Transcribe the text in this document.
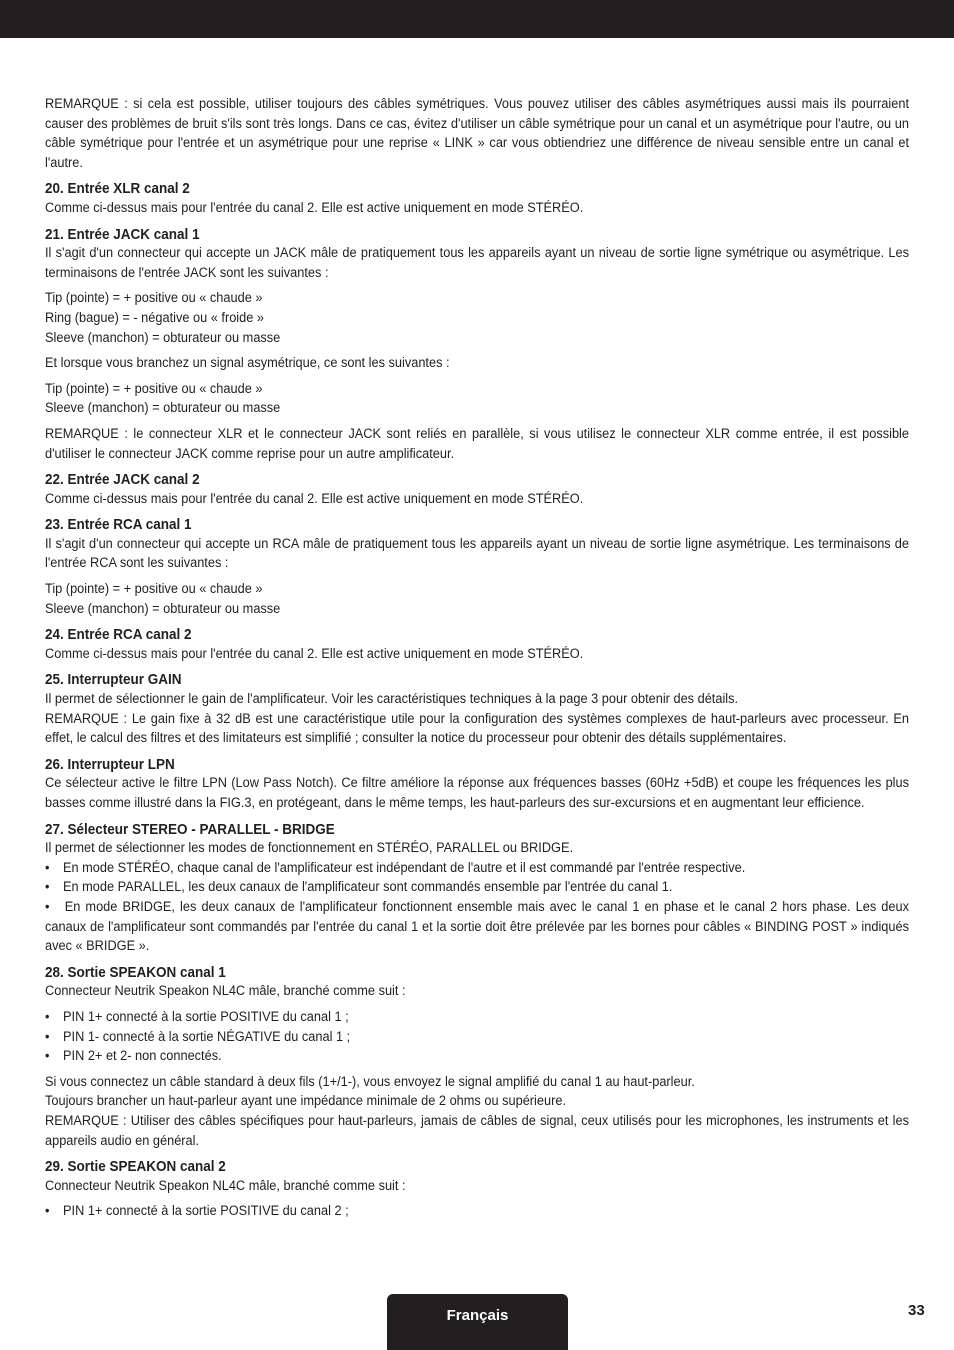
REMARQUE : si cela est possible, utiliser toujours des câbles symétriques. Vous pouvez utiliser des câbles asymétriques aussi mais ils pourraient causer des problèmes de bruit s'ils sont très longs. Dans ce cas, évitez d'utiliser un câble symétrique pour un canal et un asymétrique pour l'autre, ou un câble symétrique pour l'entrée et un asymétrique pour une reprise « LINK » car vous obtiendriez une différence de niveau sensible entre un canal et l'autre.

20. Entrée XLR canal 2

Comme ci-dessus mais pour l'entrée du canal 2. Elle est active uniquement en mode STÉRÉO.

21. Entrée JACK canal 1

Il s'agit d'un connecteur qui accepte un JACK mâle de pratiquement tous les appareils ayant un niveau de sortie ligne symétrique ou asymétrique. Les terminaisons de l'entrée JACK sont les suivantes :

Tip (pointe) = + positive ou « chaude »

Ring (bague) = - négative ou « froide »

Sleeve (manchon) = obturateur ou masse

Et lorsque vous branchez un signal asymétrique, ce sont les suivantes :

Tip (pointe) = + positive ou « chaude »

Sleeve (manchon) = obturateur ou masse

REMARQUE : le connecteur XLR et le connecteur JACK sont reliés en parallèle, si vous utilisez le connecteur XLR comme entrée, il est possible d'utiliser le connecteur JACK comme reprise pour un autre amplificateur.

22. Entrée JACK canal 2

Comme ci-dessus mais pour l'entrée du canal 2. Elle est active uniquement en mode STÉRÉO.

23. Entrée RCA canal 1

Il s'agit d'un connecteur qui accepte un RCA mâle de pratiquement tous les appareils ayant un niveau de sortie ligne asymétrique. Les terminaisons de l'entrée RCA sont les suivantes :

Tip (pointe) = + positive ou « chaude »

Sleeve (manchon) = obturateur ou masse

24. Entrée RCA canal 2

Comme ci-dessus mais pour l'entrée du canal 2. Elle est active uniquement en mode STÉRÉO.

25. Interrupteur GAIN

Il permet de sélectionner le gain de l'amplificateur. Voir les caractéristiques techniques à la page 3 pour obtenir des détails.

REMARQUE : Le gain fixe à 32 dB est une caractéristique utile pour la configuration des systèmes complexes de haut-parleurs avec processeur. En effet, le calcul des filtres et des limitateurs est simplifié ; consulter la notice du processeur pour obtenir des détails supplémentaires.

26. Interrupteur LPN

Ce sélecteur active le filtre LPN (Low Pass Notch). Ce filtre améliore la réponse aux fréquences basses (60Hz +5dB) et coupe les fréquences les plus basses comme illustré dans la FIG.3, en protégeant, dans le même temps, les haut-parleurs des sur-excursions et en augmentant leur efficience.

27. Sélecteur STEREO - PARALLEL - BRIDGE

Il permet de sélectionner les modes de fonctionnement en STÉRÉO, PARALLEL ou BRIDGE.

• En mode STÉRÉO, chaque canal de l'amplificateur est indépendant de l'autre et il est commandé par l'entrée respective.

• En mode PARALLEL, les deux canaux de l'amplificateur sont commandés ensemble par l'entrée du canal 1.

• En mode BRIDGE, les deux canaux de l'amplificateur fonctionnent ensemble mais avec le canal 1 en phase et le canal 2 hors phase. Les deux canaux de l'amplificateur sont commandés par l'entrée du canal 1 et la sortie doit être prélevée par les bornes pour câbles « BINDING POST » indiqués avec « BRIDGE ».

28. Sortie SPEAKON canal 1

Connecteur Neutrik Speakon NL4C mâle, branché comme suit :

• PIN 1+ connecté à la sortie POSITIVE du canal 1 ;

• PIN 1- connecté à la sortie NÉGATIVE du canal 1 ;

• PIN 2+ et 2- non connectés.

Si vous connectez un câble standard à deux fils (1+/1-), vous envoyez le signal amplifié du canal 1 au haut-parleur.

Toujours brancher un haut-parleur ayant une impédance minimale de 2 ohms ou supérieure.

REMARQUE : Utiliser des câbles spécifiques pour haut-parleurs, jamais de câbles de signal, ceux utilisés pour les microphones, les instruments et les appareils audio en général.

29. Sortie SPEAKON canal 2

Connecteur Neutrik Speakon NL4C mâle, branché comme suit :

• PIN 1+ connecté à la sortie POSITIVE du canal 2 ;

Français	33
